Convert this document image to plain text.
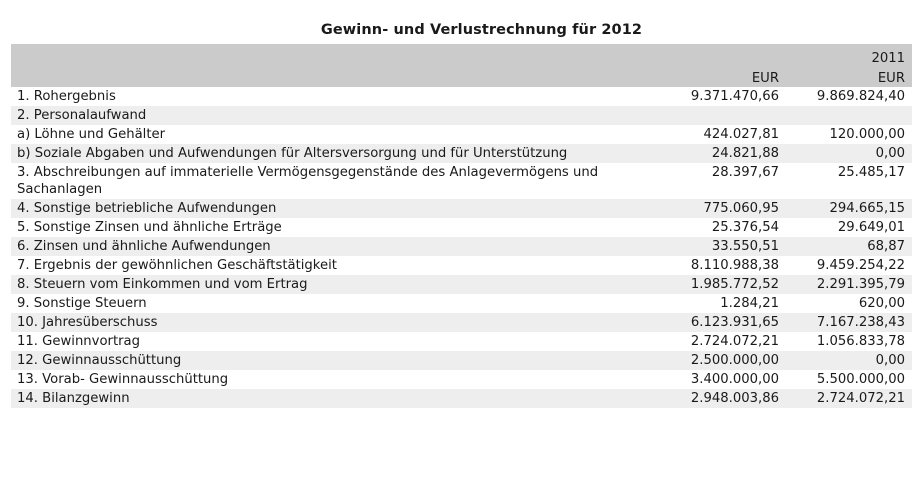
Gewinn- und Verlustrechnung für 2012
		2011
	EUR	EUR
1. Rohergebnis	9.371.470,66	9.869.824,40
2. Personalaufwand		
a) Löhne und Gehälter	424.027,81	120.000,00
b) Soziale Abgaben und Aufwendungen für Altersversorgung und für Unterstützung	24.821,88	0,00
3. Abschreibungen auf immaterielle Vermögensgegenstände des Anlagevermögens und Sachanlagen	28.397,67	25.485,17
4. Sonstige betriebliche Aufwendungen	775.060,95	294.665,15
5. Sonstige Zinsen und ähnliche Erträge	25.376,54	29.649,01
6. Zinsen und ähnliche Aufwendungen	33.550,51	68,87
7. Ergebnis der gewöhnlichen Geschäftstätigkeit	8.110.988,38	9.459.254,22
8. Steuern vom Einkommen und vom Ertrag	1.985.772,52	2.291.395,79
9. Sonstige Steuern	1.284,21	620,00
10. Jahresüberschuss	6.123.931,65	7.167.238,43
11. Gewinnvortrag	2.724.072,21	1.056.833,78
12. Gewinnausschüttung	2.500.000,00	0,00
13. Vorab- Gewinnausschüttung	3.400.000,00	5.500.000,00
14. Bilanzgewinn	2.948.003,86	2.724.072,21
